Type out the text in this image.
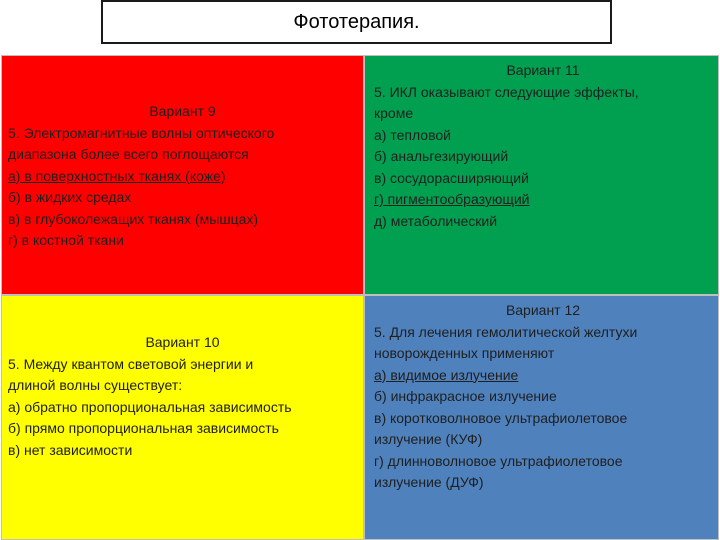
Фототерапия.
Вариант 9
5. Электромагнитные волны оптического
диапазона более всего поглощаются
а) в поверхностных тканях (коже)
б) в жидких средах
в) в глубоколежащих тканях (мышцах)
г) в костной ткани
Вариант 11
5. ИКЛ оказывают следующие эффекты,
кроме
а) тепловой
б) анальгезирующий
в) сосудорасширяющий
г) пигментообразующий
д) метаболический
Вариант 10
5. Между квантом световой энергии и
длиной волны существует:
а) обратно пропорциональная зависимость
б) прямо пропорциональная зависимость
в) нет зависимости
Вариант 12
5. Для лечения гемолитической желтухи
новорожденных применяют
а) видимое излучение
б) инфракрасное излучение
в) коротковолновое ультрафиолетовое
излучение (КУФ)
г) длинноволновое ультрафиолетовое
излучение (ДУФ)
